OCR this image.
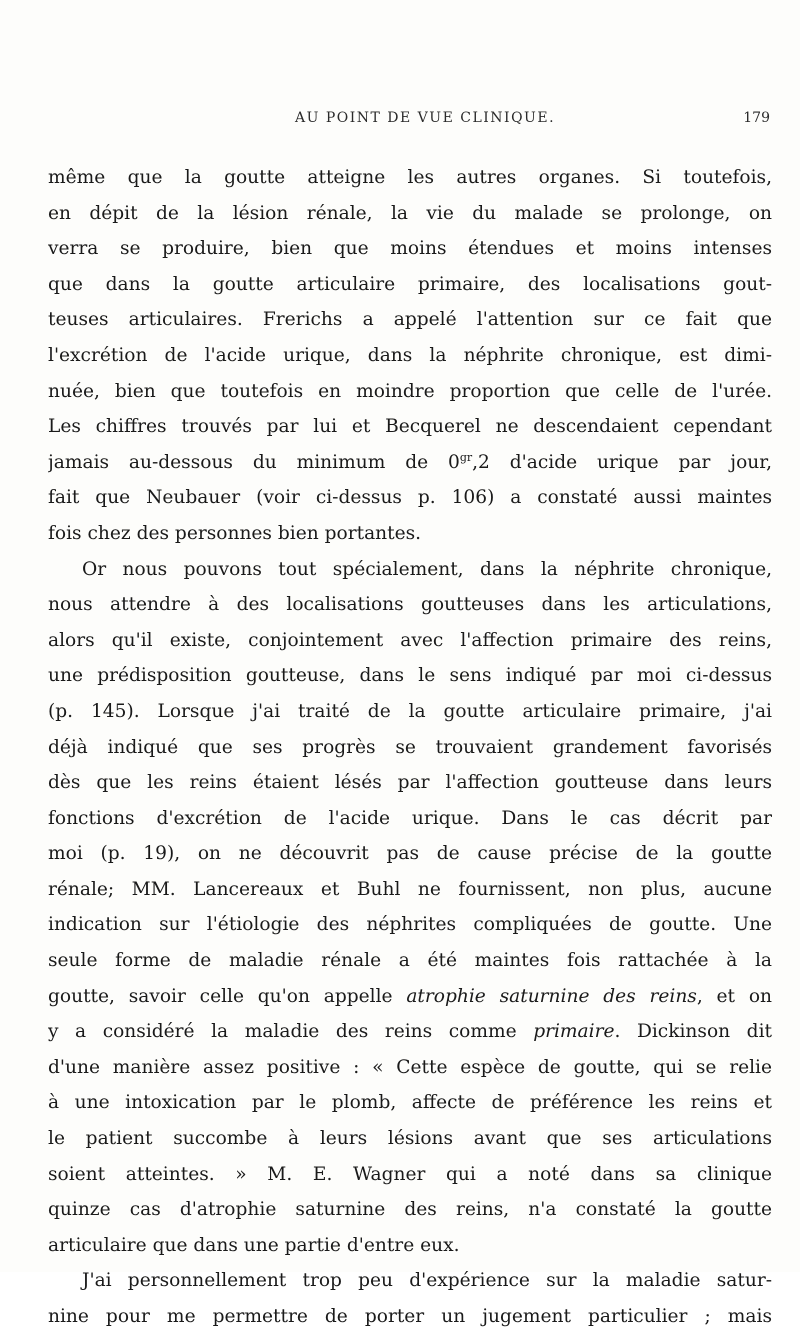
AU POINT DE VUE CLINIQUE.	179
même que la goutte atteigne les autres organes. Si toutefois,
en dépit de la lésion rénale, la vie du malade se prolonge, on
verra se produire, bien que moins étendues et moins intenses
que dans la goutte articulaire primaire, des localisations gout-
teuses articulaires. Frerichs a appelé l'attention sur ce fait que
l'excrétion de l'acide urique, dans la néphrite chronique, est dimi-
nuée, bien que toutefois en moindre proportion que celle de l'urée.
Les chiffres trouvés par lui et Becquerel ne descendaient cependant
jamais au-dessous du minimum de $0^{gr},2$ d'acide urique par jour,
fait que Neubauer (voir ci-dessus p. 106) a constaté aussi maintes
fois chez des personnes bien portantes.
Or nous pouvons tout spécialement, dans la néphrite chronique,
nous attendre à des localisations goutteuses dans les articulations,
alors qu'il existe, conjointement avec l'affection primaire des reins,
une prédisposition goutteuse, dans le sens indiqué par moi ci-dessus
(p. 145). Lorsque j'ai traité de la goutte articulaire primaire, j'ai
déjà indiqué que ses progrès se trouvaient grandement favorisés
dès que les reins étaient lésés par l'affection goutteuse dans leurs
fonctions d'excrétion de l'acide urique. Dans le cas décrit par
moi (p. 19), on ne découvrit pas de cause précise de la goutte
rénale; MM. Lancereaux et Buhl ne fournissent, non plus, aucune
indication sur l'étiologie des néphrites compliquées de goutte. Une
seule forme de maladie rénale a été maintes fois rattachée à la
goutte, savoir celle qu'on appelle atrophie saturnine des reins, et on
y a considéré la maladie des reins comme primaire. Dickinson dit
d'une manière assez positive : « Cette espèce de goutte, qui se relie
à une intoxication par le plomb, affecte de préférence les reins et
le patient succombe à leurs lésions avant que ses articulations
soient atteintes. » M. E. Wagner qui a noté dans sa clinique
quinze cas d'atrophie saturnine des reins, n'a constaté la goutte
articulaire que dans une partie d'entre eux.
J'ai personnellement trop peu d'expérience sur la maladie satur-
nine pour me permettre de porter un jugement particulier ; mais
